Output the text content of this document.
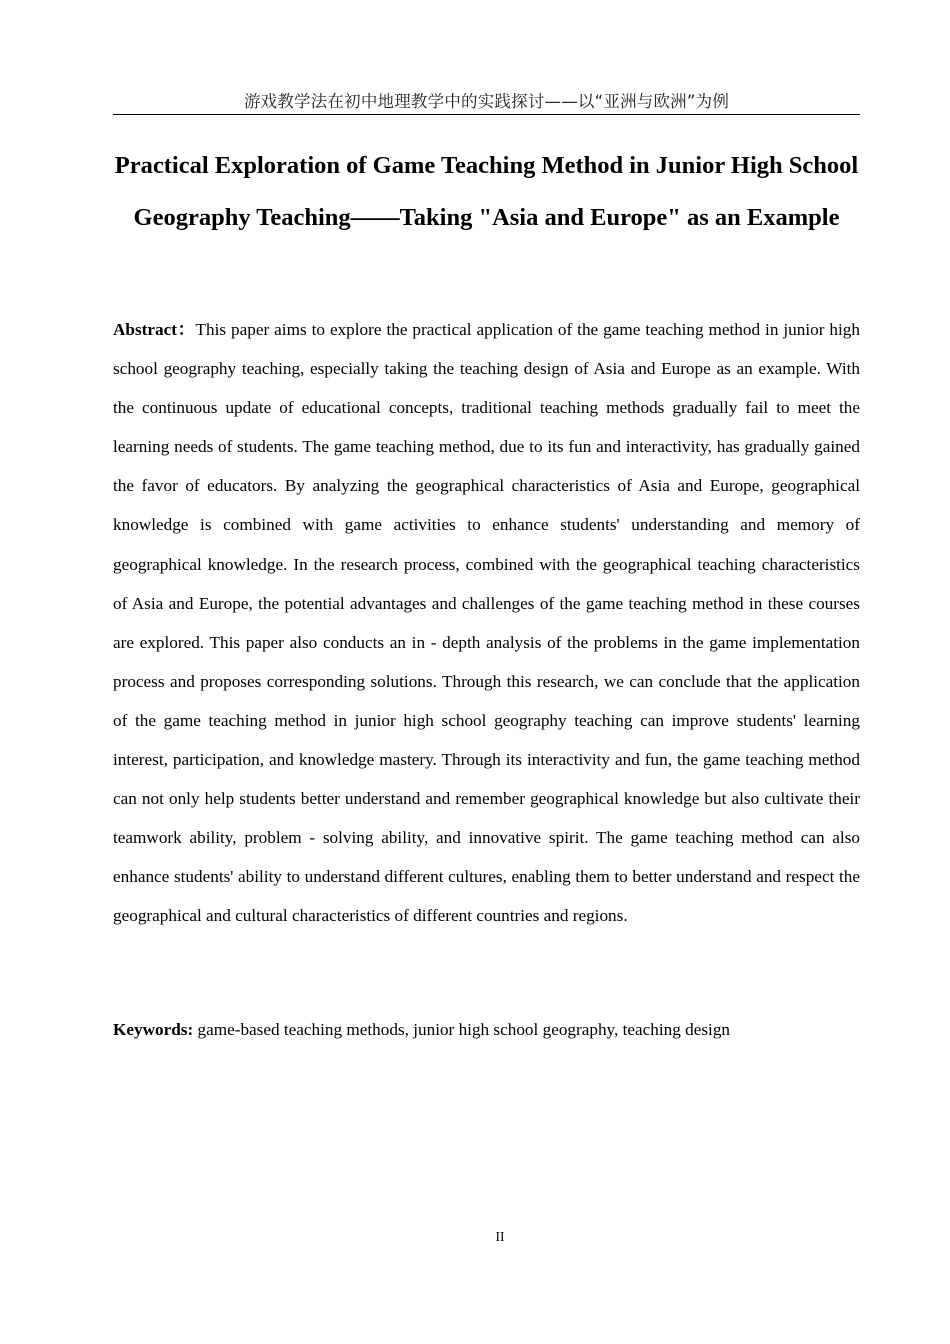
游戏教学法在初中地理教学中的实践探讨——以“亚洲与欧洲”为例
Practical Exploration of Game Teaching Method in Junior High School Geography Teaching——Taking "Asia and Europe" as an Example

Abstract：This paper aims to explore the practical application of the game teaching method in junior high school geography teaching, especially taking the teaching design of Asia and Europe as an example. With the continuous update of educational concepts, traditional teaching methods gradually fail to meet the learning needs of students. The game teaching method, due to its fun and interactivity, has gradually gained the favor of educators. By analyzing the geographical characteristics of Asia and Europe, geographical knowledge is combined with game activities to enhance students' understanding and memory of geographical knowledge. In the research process, combined with the geographical teaching characteristics of Asia and Europe, the potential advantages and challenges of the game teaching method in these courses are explored. This paper also conducts an in - depth analysis of the problems in the game implementation process and proposes corresponding solutions. Through this research, we can conclude that the application of the game teaching method in junior high school geography teaching can improve students' learning interest, participation, and knowledge mastery. Through its interactivity and fun, the game teaching method can not only help students better understand and remember geographical knowledge but also cultivate their teamwork ability, problem - solving ability, and innovative spirit. The game teaching method can also enhance students' ability to understand different cultures, enabling them to better understand and respect the geographical and cultural characteristics of different countries and regions.

Keywords: game-based teaching methods, junior high school geography, teaching design

II
